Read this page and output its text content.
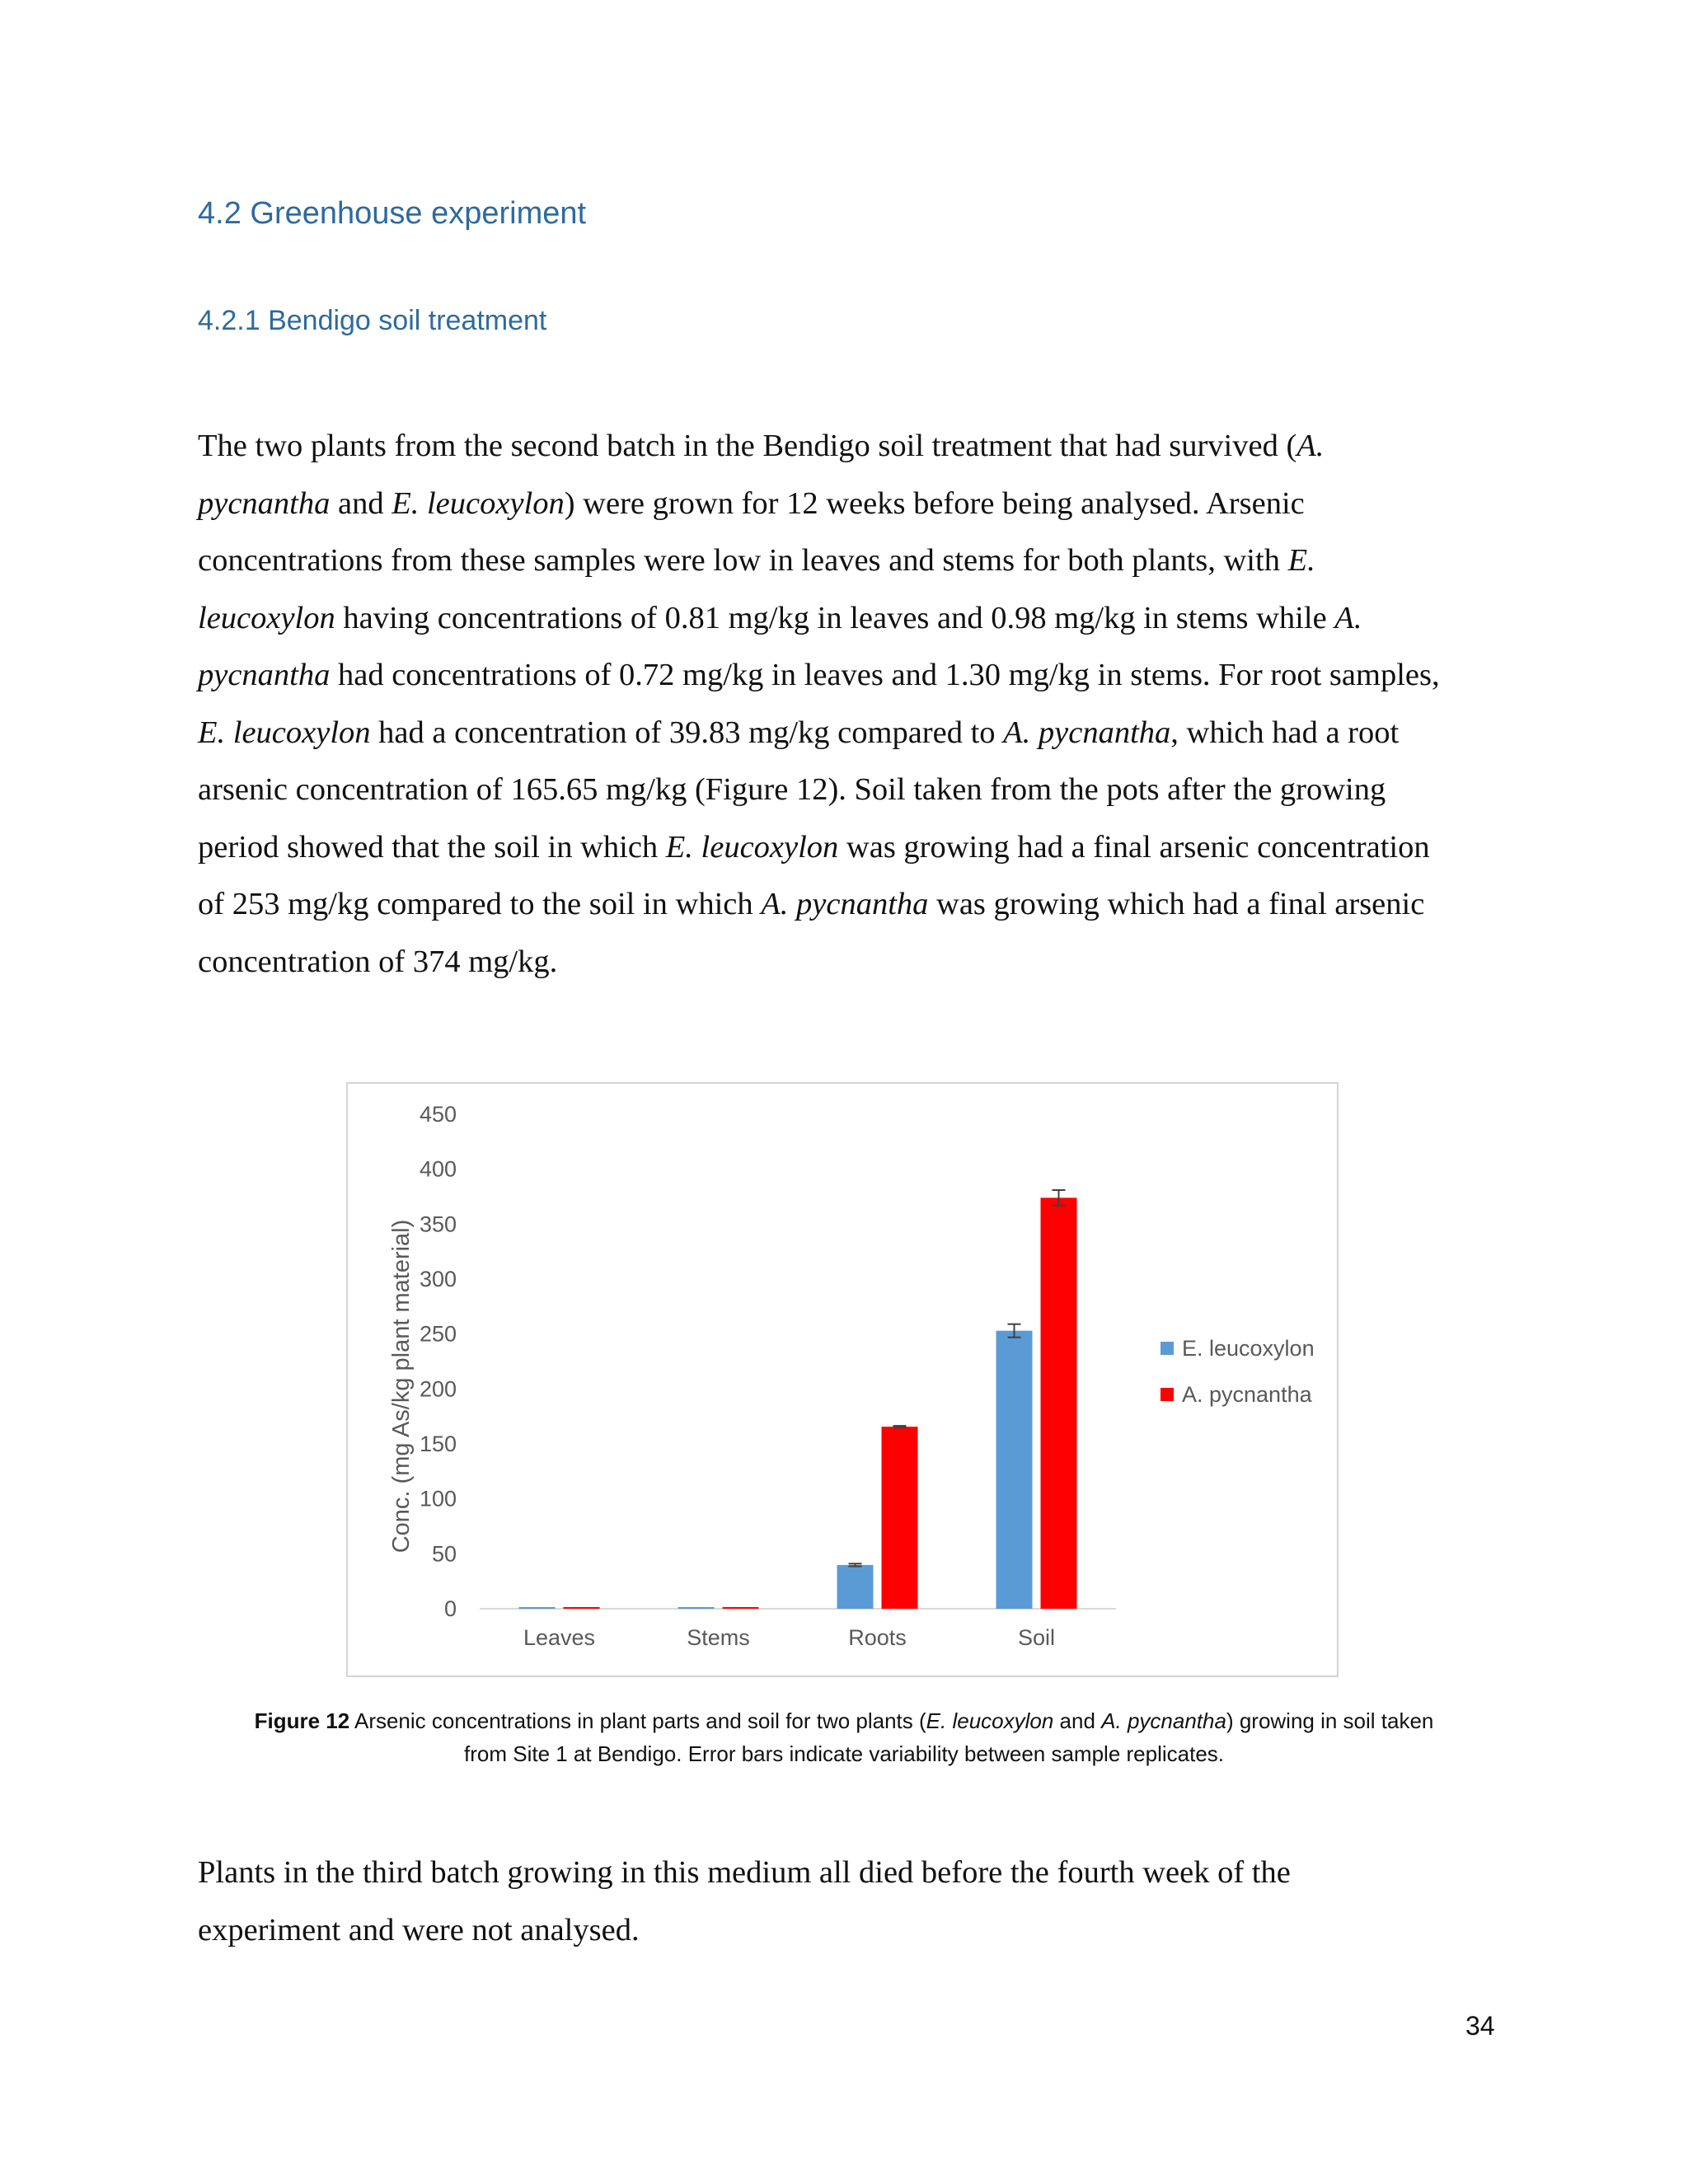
4.2 Greenhouse experiment
4.2.1 Bendigo soil treatment
The two plants from the second batch in the Bendigo soil treatment that had survived (A.
pycnantha and E. leucoxylon) were grown for 12 weeks before being analysed. Arsenic
concentrations from these samples were low in leaves and stems for both plants, with E.
leucoxylon having concentrations of 0.81 mg/kg in leaves and 0.98 mg/kg in stems while A.
pycnantha had concentrations of 0.72 mg/kg in leaves and 1.30 mg/kg in stems. For root samples,
E. leucoxylon had a concentration of 39.83 mg/kg compared to A. pycnantha, which had a root
arsenic concentration of 165.65 mg/kg (Figure 12). Soil taken from the pots after the growing
period showed that the soil in which E. leucoxylon was growing had a final arsenic concentration
of 253 mg/kg compared to the soil in which A. pycnantha was growing which had a final arsenic
concentration of 374 mg/kg.
0
50
100
150
200
250
300
350
400
450
Conc. (mg As/kg plant material)
Leaves	Stems	Roots	Soil
E. leucoxylon
A. pycnantha
Figure 12 Arsenic concentrations in plant parts and soil for two plants (E. leucoxylon and A. pycnantha) growing in soil taken
from Site 1 at Bendigo. Error bars indicate variability between sample replicates.
Plants in the third batch growing in this medium all died before the fourth week of the
experiment and were not analysed.
34
